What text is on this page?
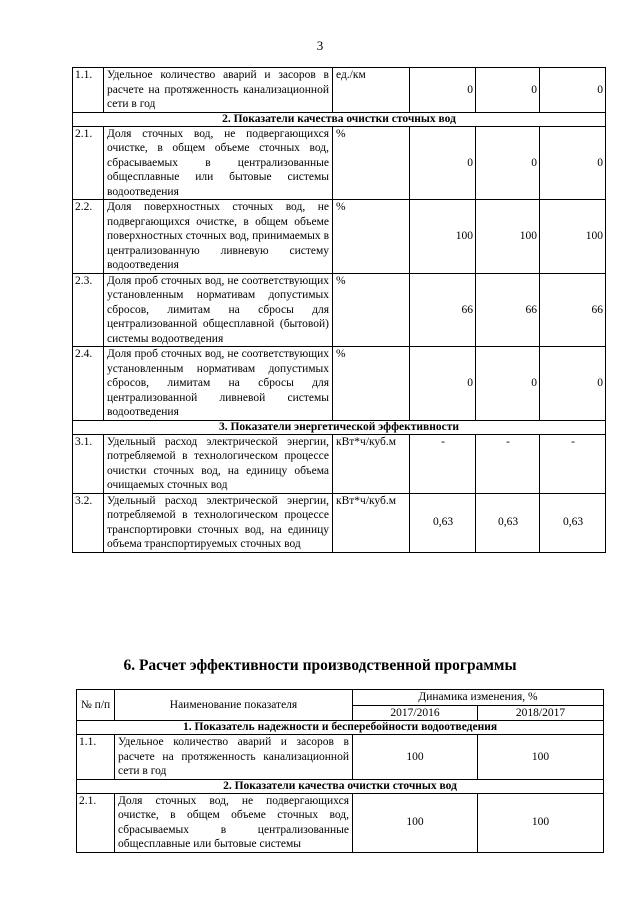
3
1.1.	Удельное количество аварий и засоров в расчете на протяженность канализационной сети в год	ед./км	0	0	0
2. Показатели качества очистки сточных вод					
2.1.	Доля сточных вод, не подвергающихся очистке, в общем объеме сточных вод, сбрасываемых в централизованные общесплавные или бытовые системы водоотведения	%	0	0	0
2.2.	Доля поверхностных сточных вод, не подвергающихся очистке, в общем объеме поверхностных сточных вод, принимаемых в централизованную ливневую систему водоотведения	%	100	100	100
2.3.	Доля проб сточных вод, не соответствующих установленным нормативам допустимых сбросов, лимитам на сбросы для централизованной общесплавной (бытовой) системы водоотведения	%	66	66	66
2.4.	Доля проб сточных вод, не соответствующих установленным нормативам допустимых сбросов, лимитам на сбросы для централизованной ливневой системы водоотведения	%	0	0	0
3. Показатели энергетической эффективности					
3.1.	Удельный расход электрической энергии, потребляемой в технологическом процессе очистки сточных вод, на единицу объема очищаемых сточных вод	кВт*ч/куб.м	-	-	-
3.2.	Удельный расход электрической энергии, потребляемой в технологическом процессе транспортировки сточных вод, на единицу объема транспортируемых сточных вод	кВт*ч/куб.м	0,63	0,63	0,63
6. Расчет эффективности производственной программы
№ п/п	Наименование показателя	Динамика изменения, %	
		2017/2016	2018/2017
1. Показатель надежности и бесперебойности водоотведения			
1.1.	Удельное количество аварий и засоров в расчете на протяженность канализационной сети в год	100	100
2. Показатели качества очистки сточных вод			
2.1.	Доля сточных вод, не подвергающихся очистке, в общем объеме сточных вод, сбрасываемых в централизованные общесплавные или бытовые системы	100	100
